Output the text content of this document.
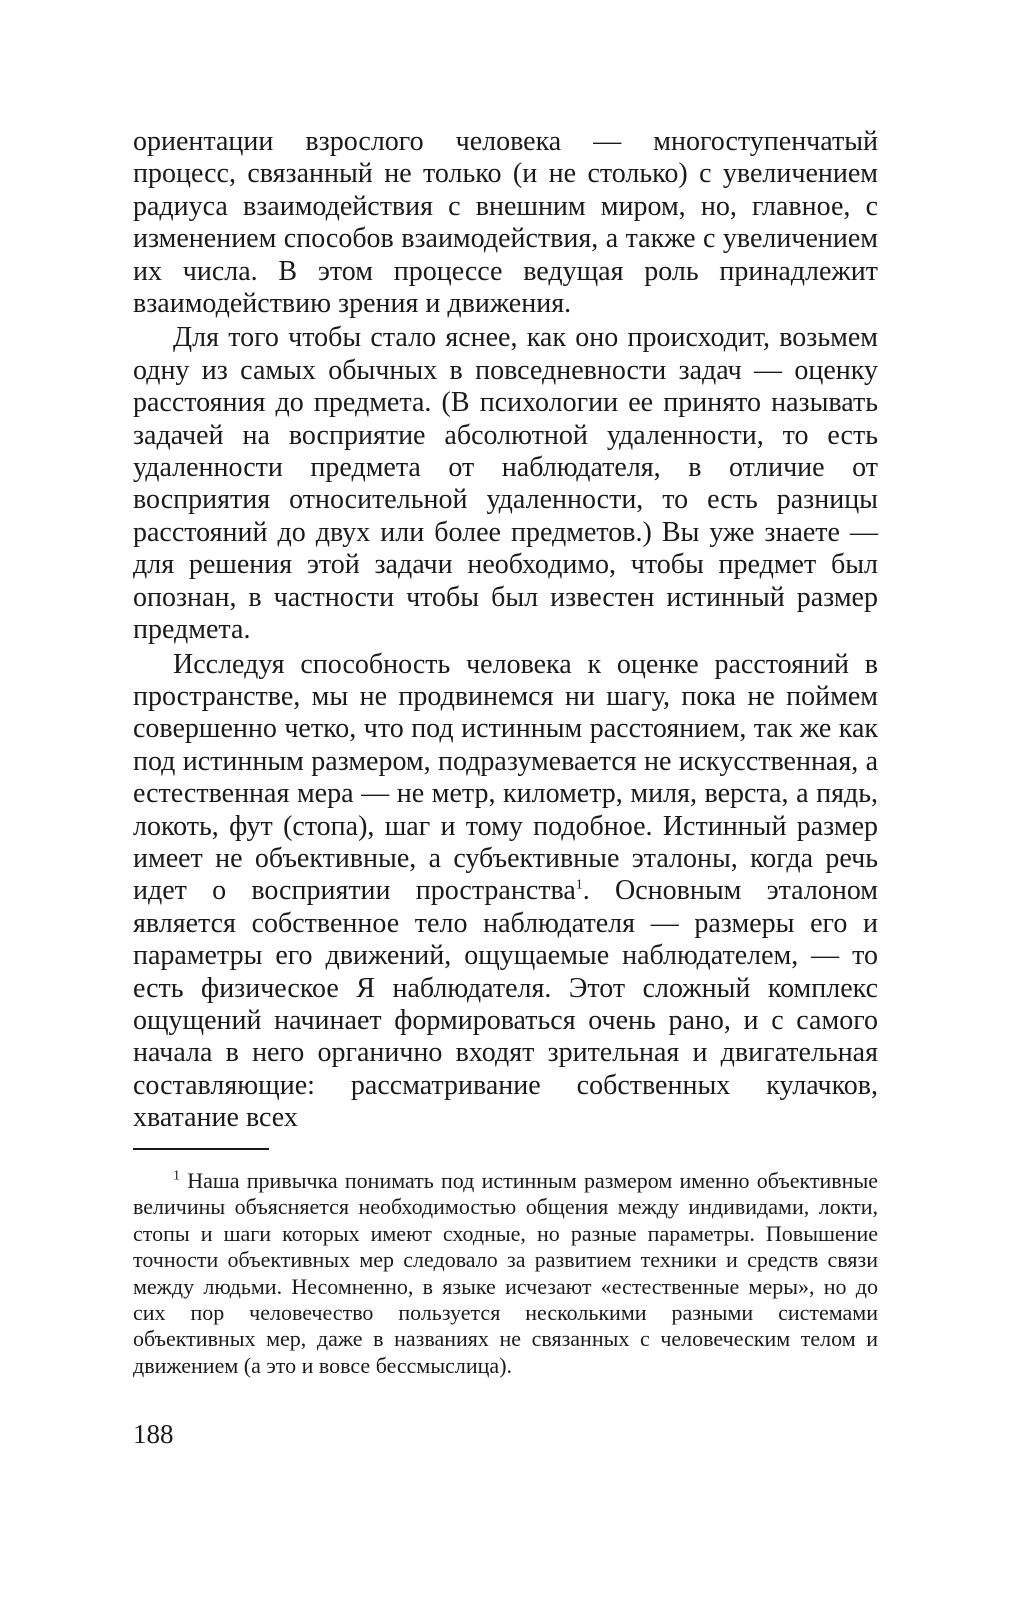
ориентации взрослого человека — многоступенчатый процесс, связанный не только (и не столько) с увеличением радиуса взаимодействия с внешним миром, но, главное, с изменением способов взаимодействия, а также с увеличением их числа. В этом процессе ведущая роль принадлежит взаимодействию зрения и движения.

Для того чтобы стало яснее, как оно происходит, возьмем одну из самых обычных в повседневности задач — оценку расстояния до предмета. (В психологии ее принято называть задачей на восприятие абсолютной удаленности, то есть удаленности предмета от наблюдателя, в отличие от восприятия относительной удаленности, то есть разницы расстояний до двух или более предметов.) Вы уже знаете — для решения этой задачи необходимо, чтобы предмет был опознан, в частности чтобы был известен истинный размер предмета.

Исследуя способность человека к оценке расстояний в пространстве, мы не продвинемся ни шагу, пока не поймем совершенно четко, что под истинным расстоянием, так же как под истинным размером, подразумевается не искусственная, а естественная мера — не метр, километр, миля, верста, а пядь, локоть, фут (стопа), шаг и тому подобное. Истинный размер имеет не объективные, а субъективные эталоны, когда речь идет о восприятии пространства$^1$. Основным эталоном является собственное тело наблюдателя — размеры его и параметры его движений, ощущаемые наблюдателем, — то есть физическое Я наблюдателя. Этот сложный комплекс ощущений начинает формироваться очень рано, и с самого начала в него органично входят зрительная и двигательная составляющие: рассматривание собственных кулачков, хватание всех

$^1$ Наша привычка понимать под истинным размером именно объективные величины объясняется необходимостью общения между индивидами, локти, стопы и шаги которых имеют сходные, но разные параметры. Повышение точности объективных мер следовало за развитием техники и средств связи между людьми. Несомненно, в языке исчезают «естественные меры», но до сих пор человечество пользуется несколькими разными системами объективных мер, даже в названиях не связанных с человеческим телом и движением (а это и вовсе бессмыслица).

188
